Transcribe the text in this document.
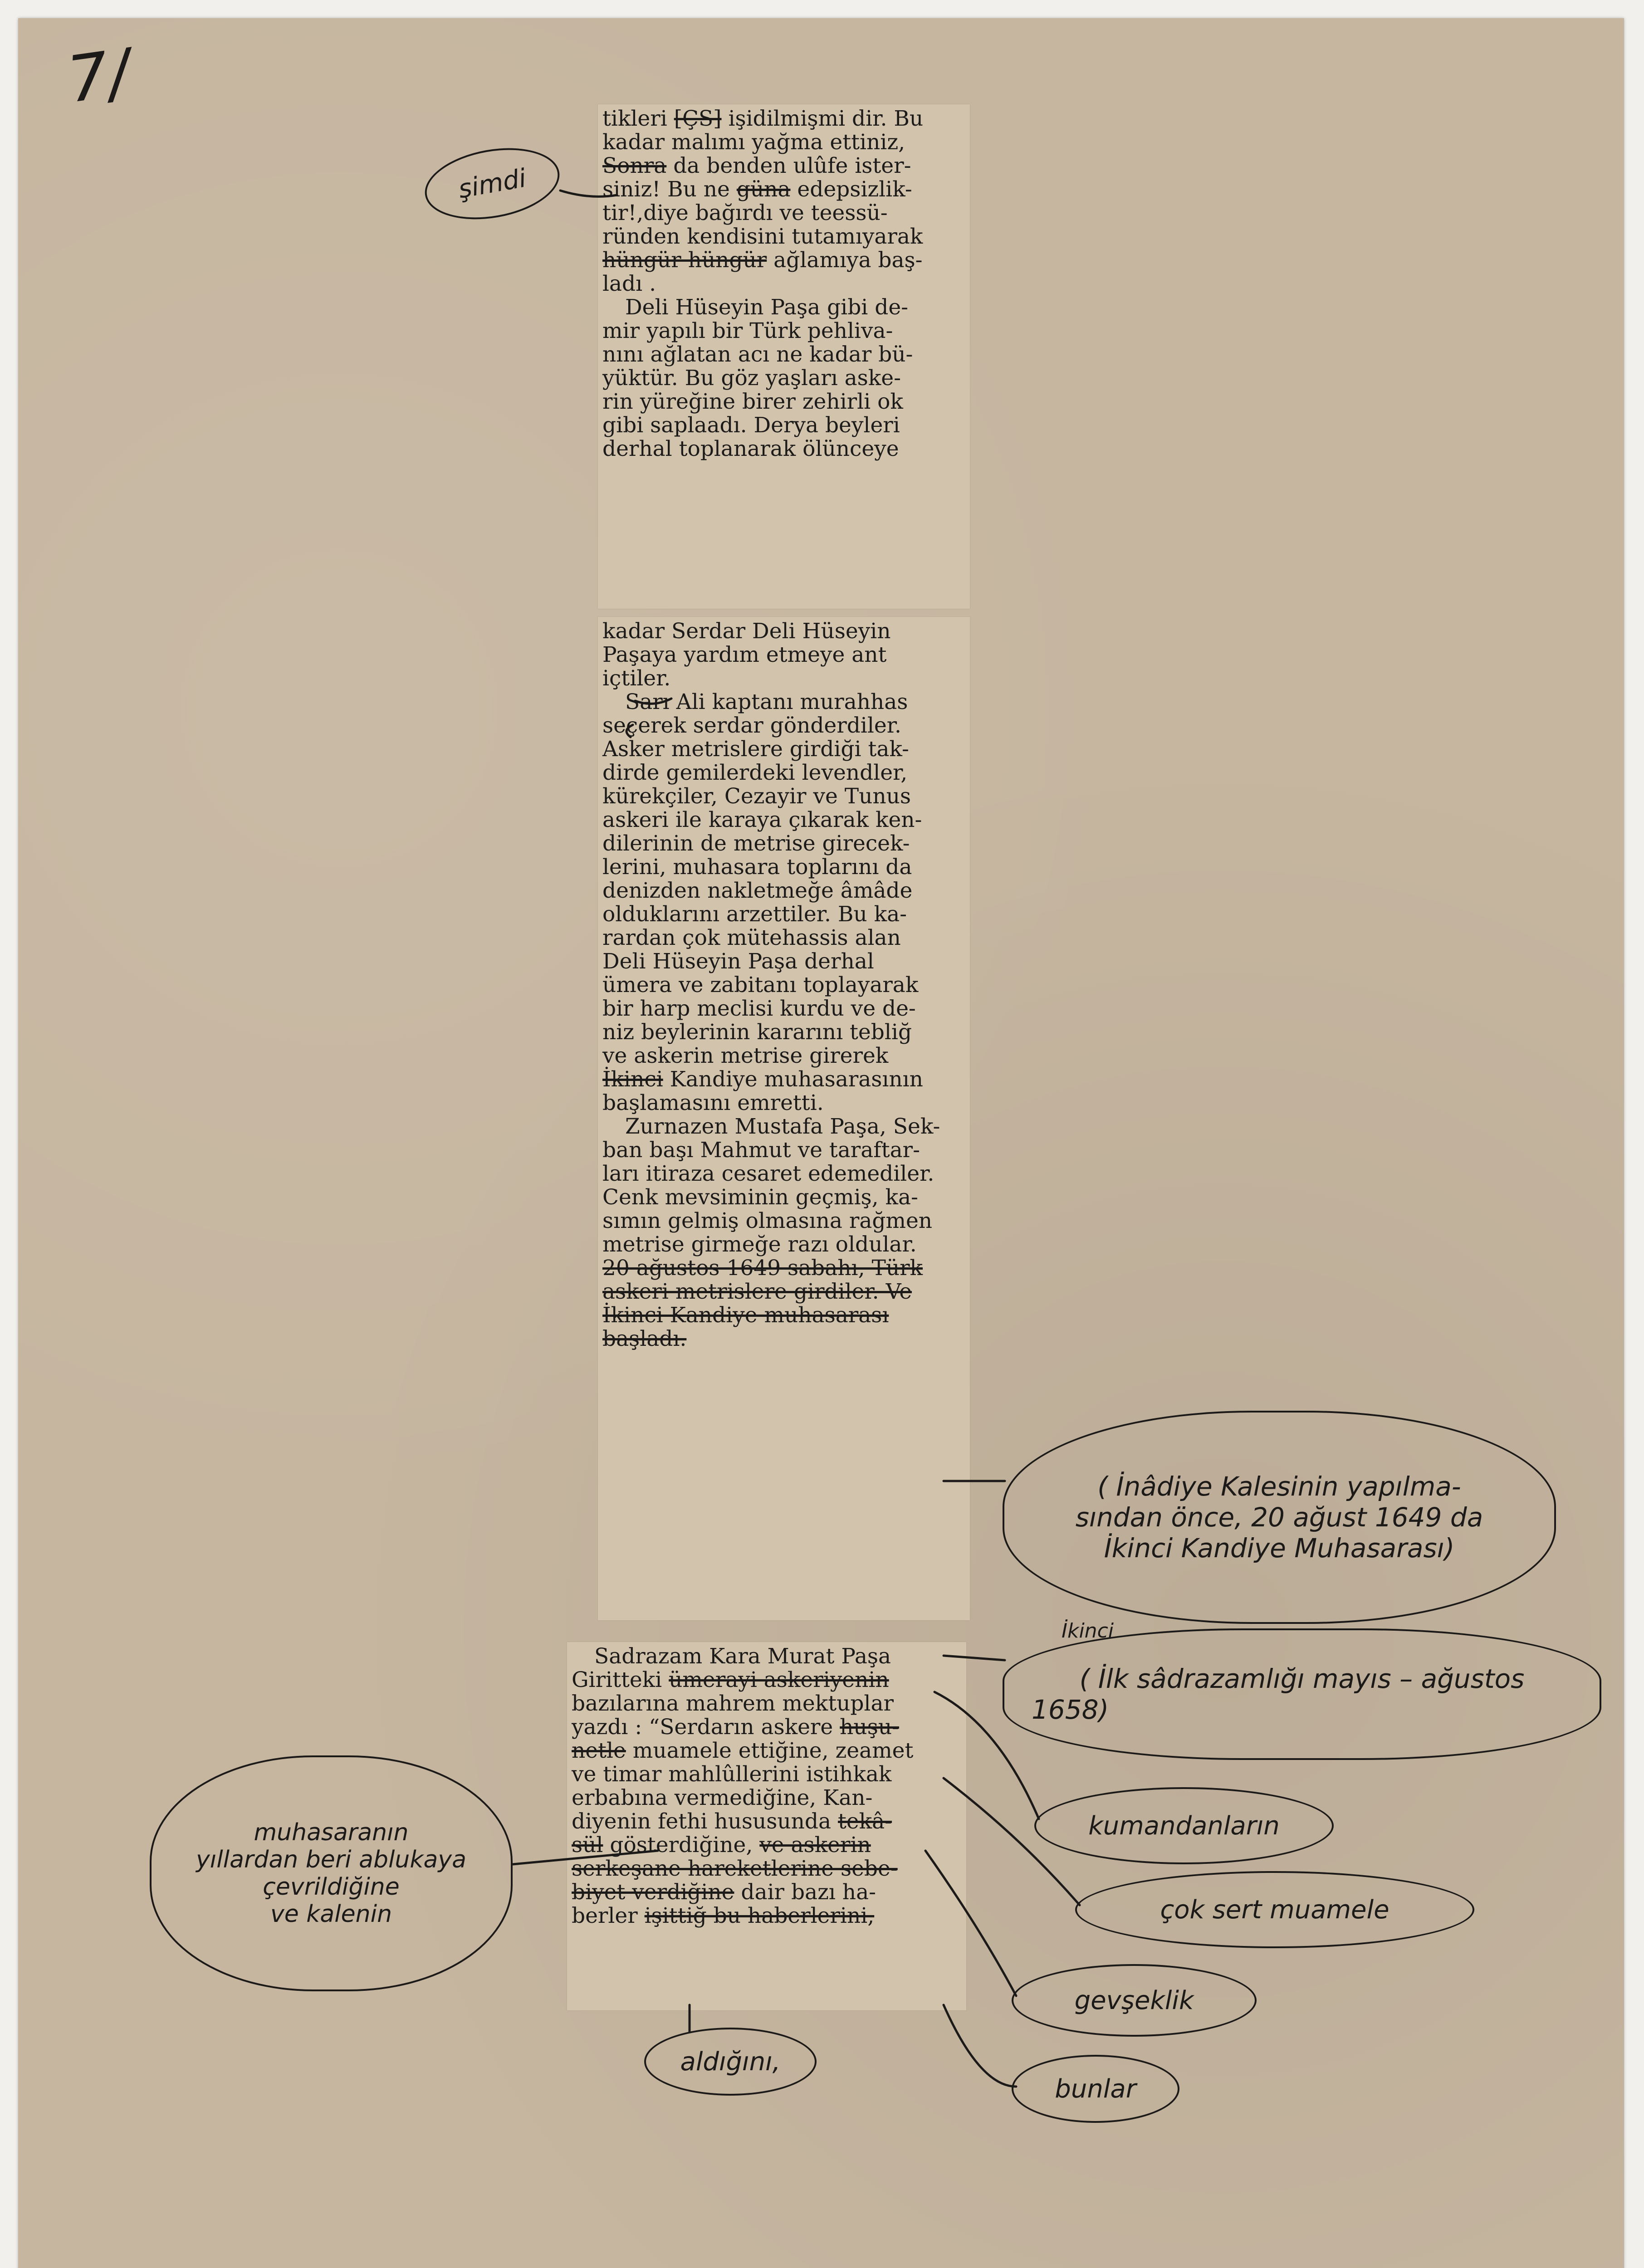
7/

tikleri [ÇS] işidilmişmi dir. Bu

kadar malımı yağma ettiniz,

Sonra da benden ulûfe ister-

siniz! Bu ne güna edepsizlik-

tir!,diye bağırdı ve teessü-

ründen kendisini tutamıyarak

hüngür hüngür ağlamıya baş-

ladı .

Deli Hüseyin Paşa gibi de-

mir yapılı bir Türk pehliva-

nını ağlatan acı ne kadar bü-

yüktür. Bu göz yaşları aske-

rin yüreğine birer zehirli ok

gibi saplaadı. Derya beyleri

derhal toplanarak ölünceye

kadar Serdar Deli Hüseyin

Paşaya yardım etmeye ant

içtiler.

Sarı Ali kaptanı murahhas

seçerek serdar gönderdiler.

Asker metrislere girdiği tak-

dirde gemilerdeki levendler,

kürekçiler, Cezayir ve Tunus

askeri ile karaya çıkarak ken-

dilerinin de metrise girecek-

lerini, muhasara toplarını da

denizden nakletmeğe âmâde

olduklarını arzettiler. Bu ka-

rardan çok mütehassis alan

Deli Hüseyin Paşa derhal

ümera ve zabitanı toplayarak

bir harp meclisi kurdu ve de-

niz beylerinin kararını tebliğ

ve askerin metrise girerek

İkinci Kandiye muhasarasının

başlamasını emretti.

Zurnazen Mustafa Paşa, Sek-

ban başı Mahmut ve taraftar-

ları itiraza cesaret edemediler.

Cenk mevsiminin geçmiş, ka-

sımın gelmiş olmasına rağmen

metrise girmeğe razı oldular.

20 ağustos 1649 sabahı, Türk

askeri metrislere girdiler. Ve

İkinci Kandiye muhasarası

başladı.

Sadrazam Kara Murat Paşa

Giritteki ümerayi askeriyenin

bazılarına mahrem mektuplar

yazdı : “Serdarın askere huşu-

netle muamele ettiğine, zeamet

ve timar mahlûllerini istihkak

erbabına vermediğine, Kan-

diyenin fethi hususunda tekâ-

sül gösterdiğine, ve askerin

serkeşane hareketlerine sebe-

biyet verdiğine dair bazı ha-

berler işittiğ bu haberlerini,

şimdi
( İnâdiye Kalesinin yapılma-
sından önce, 20 ağust 1649 da
İkinci Kandiye Muhasarası)
İkinci
( İlk sâdrazamlığı mayıs – ağustos
1658)
kumandanların
çok sert muamele
gevşeklik
bunlar
aldığını,
muhasaranın
yıllardan beri ablukaya
çevrildiğine
ve kalenin
